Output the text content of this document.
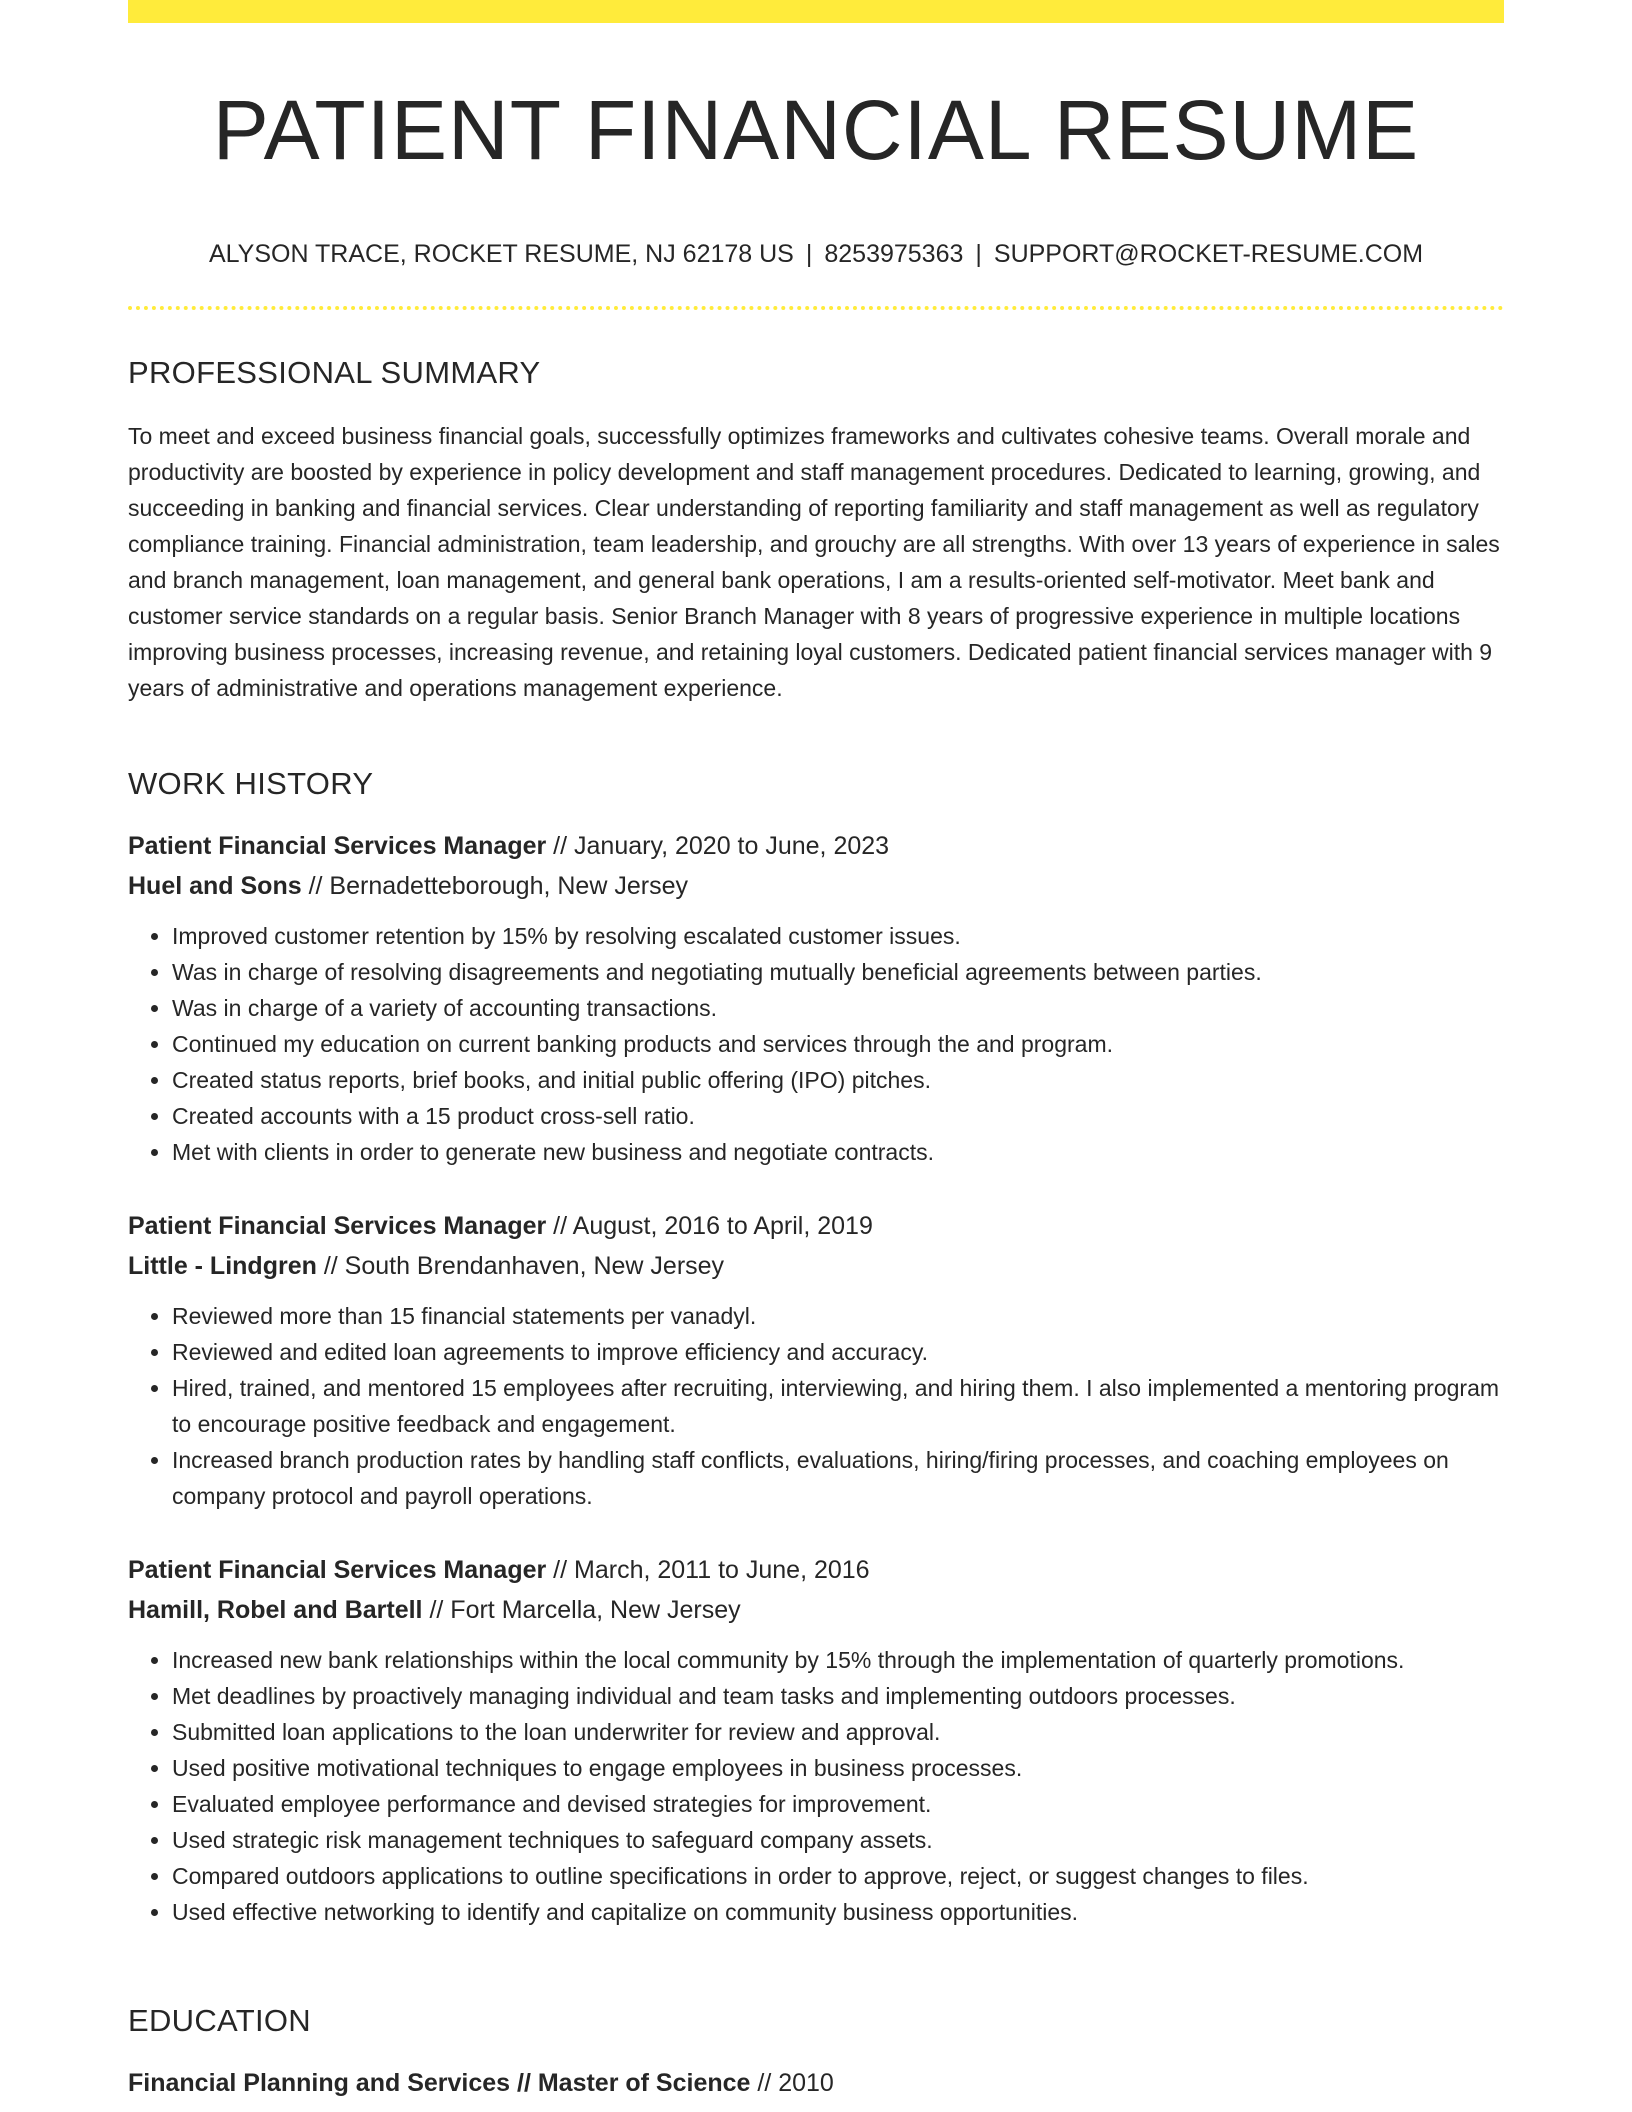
PATIENT FINANCIAL RESUME
ALYSON TRACE, ROCKET RESUME, NJ 62178 US | 8253975363 | SUPPORT@ROCKET-RESUME.COM
PROFESSIONAL SUMMARY
To meet and exceed business financial goals, successfully optimizes frameworks and cultivates cohesive teams. Overall morale and productivity are boosted by experience in policy development and staff management procedures. Dedicated to learning, growing, and succeeding in banking and financial services. Clear understanding of reporting familiarity and staff management as well as regulatory compliance training. Financial administration, team leadership, and grouchy are all strengths. With over 13 years of experience in sales and branch management, loan management, and general bank operations, I am a results-oriented self-motivator. Meet bank and customer service standards on a regular basis. Senior Branch Manager with 8 years of progressive experience in multiple locations improving business processes, increasing revenue, and retaining loyal customers. Dedicated patient financial services manager with 9 years of administrative and operations management experience.
WORK HISTORY
Patient Financial Services Manager // January, 2020 to June, 2023
Huel and Sons // Bernadetteborough, New Jersey
• Improved customer retention by 15% by resolving escalated customer issues.
• Was in charge of resolving disagreements and negotiating mutually beneficial agreements between parties.
• Was in charge of a variety of accounting transactions.
• Continued my education on current banking products and services through the and program.
• Created status reports, brief books, and initial public offering (IPO) pitches.
• Created accounts with a 15 product cross-sell ratio.
• Met with clients in order to generate new business and negotiate contracts.
Patient Financial Services Manager // August, 2016 to April, 2019
Little - Lindgren // South Brendanhaven, New Jersey
• Reviewed more than 15 financial statements per vanadyl.
• Reviewed and edited loan agreements to improve efficiency and accuracy.
• Hired, trained, and mentored 15 employees after recruiting, interviewing, and hiring them. I also implemented a mentoring program to encourage positive feedback and engagement.
• Increased branch production rates by handling staff conflicts, evaluations, hiring/firing processes, and coaching employees on company protocol and payroll operations.
Patient Financial Services Manager // March, 2011 to June, 2016
Hamill, Robel and Bartell // Fort Marcella, New Jersey
• Increased new bank relationships within the local community by 15% through the implementation of quarterly promotions.
• Met deadlines by proactively managing individual and team tasks and implementing outdoors processes.
• Submitted loan applications to the loan underwriter for review and approval.
• Used positive motivational techniques to engage employees in business processes.
• Evaluated employee performance and devised strategies for improvement.
• Used strategic risk management techniques to safeguard company assets.
• Compared outdoors applications to outline specifications in order to approve, reject, or suggest changes to files.
• Used effective networking to identify and capitalize on community business opportunities.
EDUCATION
Financial Planning and Services // Master of Science // 2010
